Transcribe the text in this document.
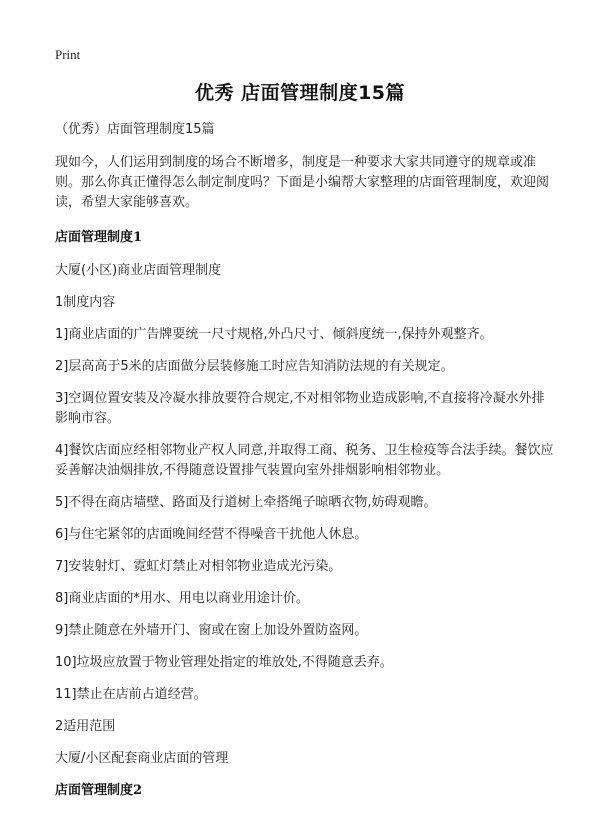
Print
优秀 店面管理制度15篇

（优秀）店面管理制度15篇

现如今，人们运用到制度的场合不断增多，制度是一种要求大家共同遵守的规章或准则。那么你真正懂得怎么制定制度吗？下面是小编帮大家整理的店面管理制度，欢迎阅读，希望大家能够喜欢。

店面管理制度1

大厦(小区)商业店面管理制度

1制度内容

1]商业店面的广告牌要统一尺寸规格,外凸尺寸、倾斜度统一,保持外观整齐。

2]层高高于5米的店面做分层装修施工时应告知消防法规的有关规定。

3]空调位置安装及冷凝水排放要符合规定,不对相邻物业造成影响,不直接将冷凝水外排影响市容。

4]餐饮店面应经相邻物业产权人同意,并取得工商、税务、卫生检疫等合法手续。餐饮应妥善解决油烟排放,不得随意设置排气装置向室外排烟影响相邻物业。

5]不得在商店墙壁、路面及行道树上牵搭绳子晾晒衣物,妨碍观瞻。

6]与住宅紧邻的店面晚间经营不得噪音干扰他人休息。

7]安装射灯、霓虹灯禁止对相邻物业造成光污染。

8]商业店面的*用水、用电以商业用途计价。

9]禁止随意在外墙开门、窗或在窗上加设外置防盗网。

10]垃圾应放置于物业管理处指定的堆放处,不得随意丢弃。

11]禁止在店前占道经营。

2适用范围

大厦/小区配套商业店面的管理

店面管理制度2
